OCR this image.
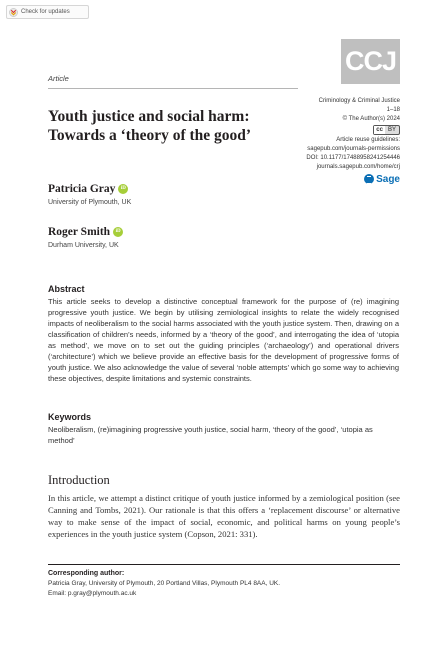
Check for updates
CCJ
Article
Youth justice and social harm: Towards a ‘theory of the good’
Criminology & Criminal Justice
1–18
© The Author(s) 2024
cc BY
Article reuse guidelines:
sagepub.com/journals-permissions
DOI: 10.1177/17488958241254446
journals.sagepub.com/home/crj
Sage
Patricia Gray	iD
University of Plymouth, UK
Roger Smith	iD
Durham University, UK
Abstract
This article seeks to develop a distinctive conceptual framework for the purpose of (re) imagining progressive youth justice. We begin by utilising zemiological insights to relate the widely recognised impacts of neoliberalism to the social harms associated with the youth justice system. Then, drawing on a classification of children’s needs, informed by a ‘theory of the good’, and interrogating the idea of ‘utopia as method’, we move on to set out the guiding principles (‘archaeology’) and operational drivers (‘architecture’) which we believe provide an effective basis for the development of progressive forms of youth justice. We also acknowledge the value of several ‘noble attempts’ which go some way to achieving these objectives, despite limitations and systemic constraints.
Keywords
Neoliberalism, (re)imagining progressive youth justice, social harm, ‘theory of the good’, ‘utopia as method’
Introduction
In this article, we attempt a distinct critique of youth justice informed by a zemiological position (see Canning and Tombs, 2021). Our rationale is that this offers a ‘replacement discourse’ or alternative way to make sense of the impact of social, economic, and political harms on young people’s experiences in the youth justice system (Copson, 2021: 331).
Corresponding author:
Patricia Gray, University of Plymouth, 20 Portland Villas, Plymouth PL4 8AA, UK.
Email: p.gray@plymouth.ac.uk
